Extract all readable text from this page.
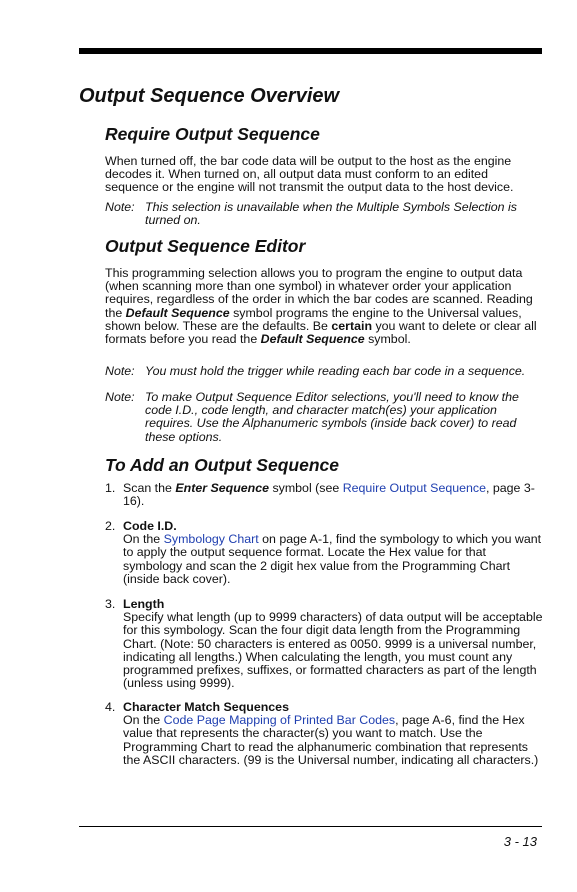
Output Sequence Overview
Require Output Sequence

When turned off, the bar code data will be output to the host as the engine decodes it. When turned on, all output data must conform to an edited sequence or the engine will not transmit the output data to the host device.

Note: This selection is unavailable when the Multiple Symbols Selection is turned on.
Output Sequence Editor

This programming selection allows you to program the engine to output data (when scanning more than one symbol) in whatever order your application requires, regardless of the order in which the bar codes are scanned. Reading the Default Sequence symbol programs the engine to the Universal values, shown below. These are the defaults. Be certain you want to delete or clear all formats before you read the Default Sequence symbol.

Note: You must hold the trigger while reading each bar code in a sequence.
Note: To make Output Sequence Editor selections, you'll need to know the code I.D., code length, and character match(es) your application requires. Use the Alphanumeric symbols (inside back cover) to read these options.
To Add an Output Sequence
1. Scan the Enter Sequence symbol (see Require Output Sequence, page 3-16).
2. Code I.D.
On the Symbology Chart on page A-1, find the symbology to which you want to apply the output sequence format. Locate the Hex value for that symbology and scan the 2 digit hex value from the Programming Chart (inside back cover).
3. Length
Specify what length (up to 9999 characters) of data output will be acceptable for this symbology. Scan the four digit data length from the Programming Chart. (Note: 50 characters is entered as 0050. 9999 is a universal number, indicating all lengths.) When calculating the length, you must count any programmed prefixes, suffixes, or formatted characters as part of the length (unless using 9999).
4. Character Match Sequences
On the Code Page Mapping of Printed Bar Codes, page A-6, find the Hex value that represents the character(s) you want to match. Use the Programming Chart to read the alphanumeric combination that represents the ASCII characters. (99 is the Universal number, indicating all characters.)
3 - 13
